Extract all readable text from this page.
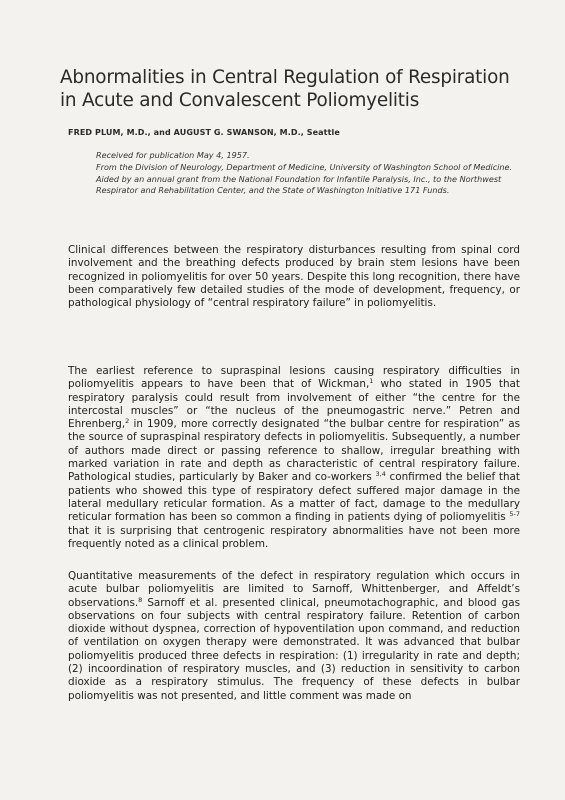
Abnormalities in Central Regulation of Respiration in Acute and Convalescent Poliomyelitis
FRED PLUM, M.D., and AUGUST G. SWANSON, M.D., Seattle

Received for publication May 4, 1957.

From the Division of Neurology, Department of Medicine, University of Washington School of Medicine.

Aided by an annual grant from the National Foundation for Infantile Paralysis, Inc., to the Northwest Respirator and Rehabilitation Center, and the State of Washington Initiative 171 Funds.

Clinical differences between the respiratory disturbances resulting from spinal cord involvement and the breathing defects produced by brain stem lesions have been recognized in poliomyelitis for over 50 years. Despite this long recognition, there have been comparatively few detailed studies of the mode of development, frequency, or pathological physiology of “central respiratory failure” in poliomyelitis.

The earliest reference to supraspinal lesions causing respiratory difficulties in poliomyelitis appears to have been that of Wickman,$^1$ who stated in 1905 that respiratory paralysis could result from involvement of either “the centre for the intercostal muscles” or “the nucleus of the pneumogastric nerve.” Petren and Ehrenberg,$^2$ in 1909, more correctly designated “the bulbar centre for respiration” as the source of supraspinal respiratory defects in poliomyelitis. Subsequently, a number of authors made direct or passing reference to shallow, irregular breathing with marked variation in rate and depth as characteristic of central respiratory failure. Pathological studies, particularly by Baker and co-workers $^{3,4}$ confirmed the belief that patients who showed this type of respiratory defect suffered major damage in the lateral medullary reticular formation. As a matter of fact, damage to the medullary reticular formation has been so common a finding in patients dying of poliomyelitis $^{5-7}$ that it is surprising that centrogenic respiratory abnormalities have not been more frequently noted as a clinical problem.

Quantitative measurements of the defect in respiratory regulation which occurs in acute bulbar poliomyelitis are limited to Sarnoff, Whittenberger, and Affeldt’s observations.$^8$ Sarnoff et al. presented clinical, pneumotachographic, and blood gas observations on four subjects with central respiratory failure. Retention of carbon dioxide without dyspnea, correction of hypoventilation upon command, and reduction of ventilation on oxygen therapy were demonstrated. It was advanced that bulbar poliomyelitis produced three defects in respiration: (1) irregularity in rate and depth; (2) incoordination of respiratory muscles, and (3) reduction in sensitivity to carbon dioxide as a respiratory stimulus. The frequency of these defects in bulbar poliomyelitis was not presented, and little comment was made on
